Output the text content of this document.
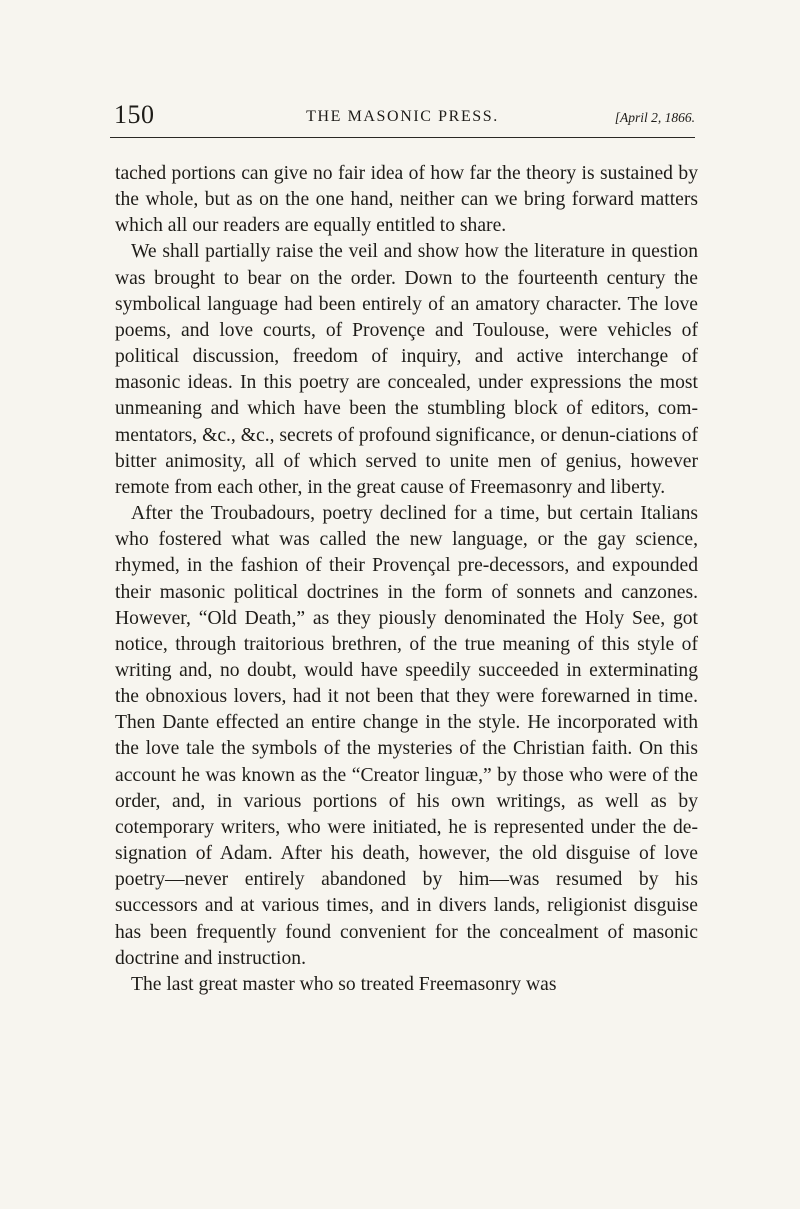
150	THE MASONIC PRESS.	[April 2, 1866.

tached portions can give no fair idea of how far the theory is sustained by the whole, but as on the one hand, neither can we bring forward matters which all our readers are equally entitled to share.

We shall partially raise the veil and show how the literature in question was brought to bear on the order. Down to the fourteenth century the symbolical language had been entirely of an amatory character. The love poems, and love courts, of Provençe and Toulouse, were vehicles of political discussion, freedom of inquiry, and active interchange of masonic ideas. In this poetry are concealed, under expressions the most unmeaning and which have been the stumbling block of editors, com-mentators, &c., &c., secrets of profound significance, or denun-ciations of bitter animosity, all of which served to unite men of genius, however remote from each other, in the great cause of Freemasonry and liberty.

After the Troubadours, poetry declined for a time, but certain Italians who fostered what was called the new language, or the gay science, rhymed, in the fashion of their Provençal pre-decessors, and expounded their masonic political doctrines in the form of sonnets and canzones. However, “Old Death,” as they piously denominated the Holy See, got notice, through traitorious brethren, of the true meaning of this style of writing and, no doubt, would have speedily succeeded in exterminating the obnoxious lovers, had it not been that they were forewarned in time. Then Dante effected an entire change in the style. He incorporated with the love tale the symbols of the mysteries of the Christian faith. On this account he was known as the “Creator linguæ,” by those who were of the order, and, in various portions of his own writings, as well as by cotemporary writers, who were initiated, he is represented under the de-signation of Adam. After his death, however, the old disguise of love poetry—never entirely abandoned by him—was resumed by his successors and at various times, and in divers lands, religionist disguise has been frequently found convenient for the concealment of masonic doctrine and instruction.

The last great master who so treated Freemasonry was
